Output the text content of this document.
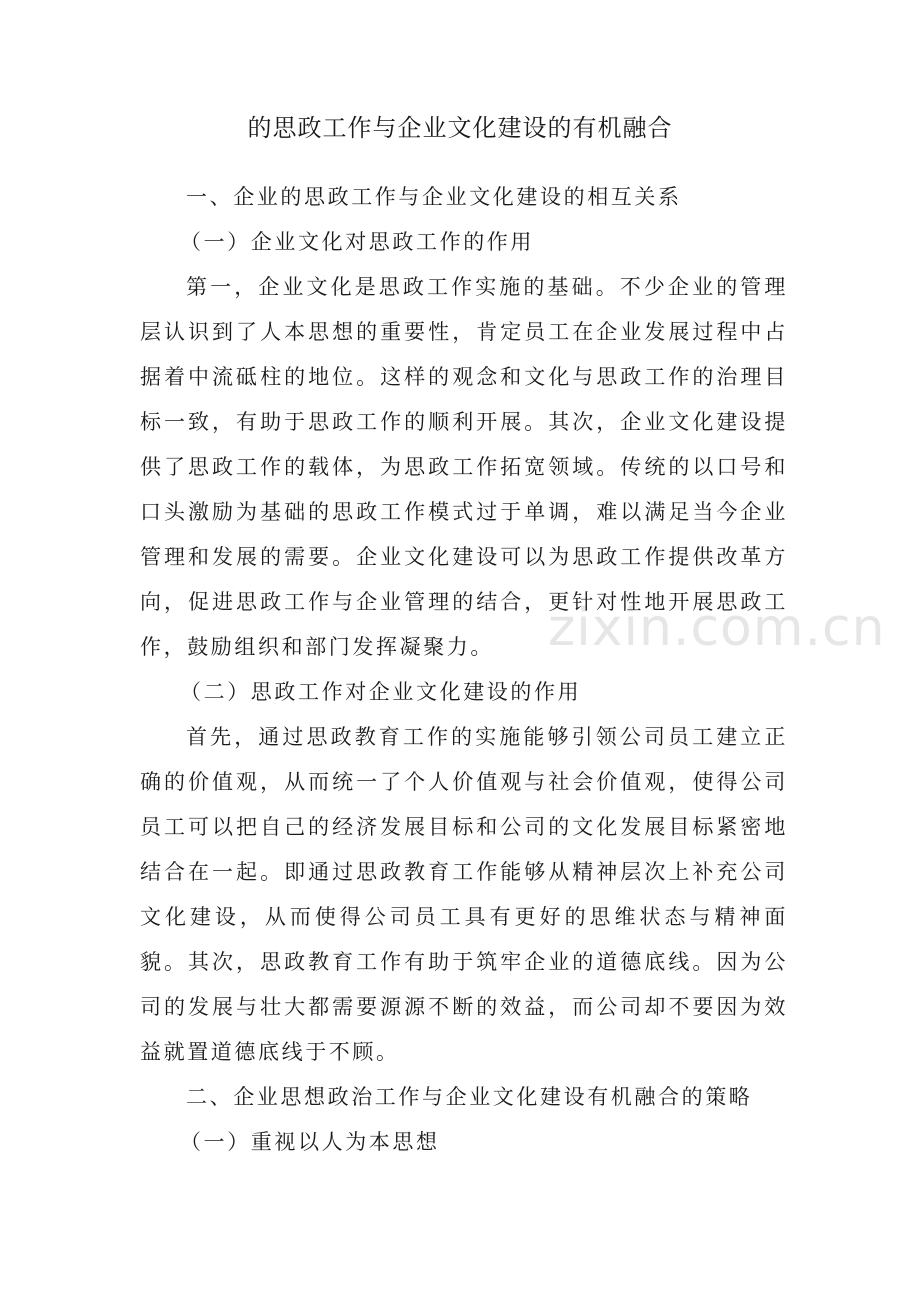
zixin.com.cn
的思政工作与企业文化建设的有机融合

一、企业的思政工作与企业文化建设的相互关系

（一）企业文化对思政工作的作用

第一，企业文化是思政工作实施的基础。不少企业的管理层认识到了人本思想的重要性，肯定员工在企业发展过程中占据着中流砥柱的地位。这样的观念和文化与思政工作的治理目标一致，有助于思政工作的顺利开展。其次，企业文化建设提供了思政工作的载体，为思政工作拓宽领域。传统的以口号和口头激励为基础的思政工作模式过于单调，难以满足当今企业管理和发展的需要。企业文化建设可以为思政工作提供改革方向，促进思政工作与企业管理的结合，更针对性地开展思政工作，鼓励组织和部门发挥凝聚力。

（二）思政工作对企业文化建设的作用

首先，通过思政教育工作的实施能够引领公司员工建立正确的价值观，从而统一了个人价值观与社会价值观，使得公司员工可以把自己的经济发展目标和公司的文化发展目标紧密地结合在一起。即通过思政教育工作能够从精神层次上补充公司文化建设，从而使得公司员工具有更好的思维状态与精神面貌。其次，思政教育工作有助于筑牢企业的道德底线。因为公司的发展与壮大都需要源源不断的效益，而公司却不要因为效益就置道德底线于不顾。

二、企业思想政治工作与企业文化建设有机融合的策略

（一）重视以人为本思想
